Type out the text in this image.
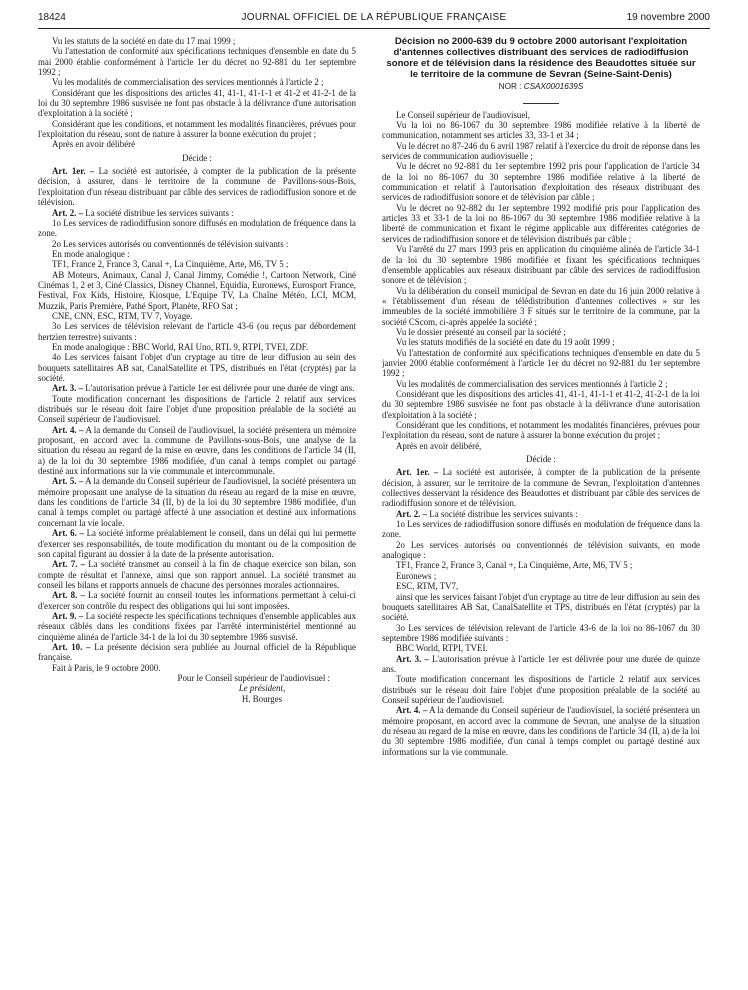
18424	JOURNAL OFFICIEL DE LA RÉPUBLIQUE FRANÇAISE	19 novembre 2000

Vu les statuts de la société en date du 17 mai 1999 ;

Vu l'attestation de conformité aux spécifications techniques d'ensemble en date du 5 mai 2000 établie conformément à l'article 1er du décret no 92-881 du 1er septembre 1992 ;

Vu les modalités de commercialisation des services mentionnés à l'article 2 ;

Considérant que les dispositions des articles 41, 41-1, 41-1-1 et 41-2 et 41-2-1 de la loi du 30 septembre 1986 susvisée ne font pas obstacle à la délivrance d'une autorisation d'exploitation à la société ;

Considérant que les conditions, et notamment les modalités financières, prévues pour l'exploitation du réseau, sont de nature à assurer la bonne exécution du projet ;

Après en avoir délibéré

Décide :

Art. 1er. – La société est autorisée, à compter de la publication de la présente décision, à assurer, dans le territoire de la commune de Pavillons-sous-Bois, l'exploitation d'un réseau distribuant par câble des services de radiodiffusion sonore et de télévision.

Art. 2. – La société distribue les services suivants :

1o Les services de radiodiffusion sonore diffusés en modulation de fréquence dans la zone.

2o Les services autorisés ou conventionnés de télévision suivants :

En mode analogique :

TF1, France 2, France 3, Canal +, La Cinquième, Arte, M6, TV 5 ;

AB Moteurs, Animaux, Canal J, Canal Jimmy, Comédie !, Cartoon Network, Ciné Cinémas 1, 2 et 3, Ciné Classics, Disney Channel, Equidia, Euronews, Eurosport France, Festival, Fox Kids, Histoire, Kiosque, L'Equipe TV, La Chaîne Météo, LCI, MCM, Muzzik, Paris Première, Pathé Sport, Planète, RFO Sat ;

CNE, CNN, ESC, RTM, TV 7, Voyage.

3o Les services de télévision relevant de l'article 43-6 (ou reçus par débordement hertzien terrestre) suivants :

En mode analogique : BBC World, RAI Uno, RTL 9, RTPI, TVEI, ZDF.

4o Les services faisant l'objet d'un cryptage au titre de leur diffusion au sein des bouquets satellitaires AB sat, CanalSatellite et TPS, distribués en l'état (cryptés) par la société.

Art. 3. – L'autorisation prévue à l'article 1er est délivrée pour une durée de vingt ans.

Toute modification concernant les dispositions de l'article 2 relatif aux services distribués sur le réseau doit faire l'objet d'une proposition préalable de la société au Conseil supérieur de l'audiovisuel.

Art. 4. – A la demande du Conseil de l'audiovisuel, la société présentera un mémoire proposant, en accord avec la commune de Pavillons-sous-Bois, une analyse de la situation du réseau au regard de la mise en œuvre, dans les conditions de l'article 34 (II, a) de la loi du 30 septembre 1986 modifiée, d'un canal à temps complet ou partagé destiné aux informations sur la vie communale et intercommunale.

Art. 5. – A la demande du Conseil supérieur de l'audiovisuel, la société présentera un mémoire proposant une analyse de la situation du réseau au regard de la mise en œuvre, dans les conditions de l'article 34 (II, b) de la loi du 30 septembre 1986 modifiée, d'un canal à temps complet ou partagé affecté à une association et destiné aux informations concernant la vie locale.

Art. 6. – La société informe préalablement le conseil, dans un délai qui lui permette d'exercer ses responsabilités, de toute modification du montant ou de la composition de son capital figurant au dossier à la date de la présente autorisation.

Art. 7. – La société transmet au conseil à la fin de chaque exercice son bilan, son compte de résultat et l'annexe, ainsi que son rapport annuel. La société transmet au conseil les bilans et rapports annuels de chacune des personnes morales actionnaires.

Art. 8. – La société fournit au conseil toutes les informations permettant à celui-ci d'exercer son contrôle du respect des obligations qui lui sont imposées.

Art. 9. – La société respecte les spécifications techniques d'ensemble applicables aux réseaux câblés dans les conditions fixées par l'arrêté interministériel mentionné au cinquième alinéa de l'article 34-1 de la loi du 30 septembre 1986 susvisé.

Art. 10. – La présente décision sera publiée au Journal officiel de la République française.

Fait à Paris, le 9 octobre 2000.

Pour le Conseil supérieur de l'audiovisuel :

Le président,

H. Bourges

Décision no 2000-639 du 9 octobre 2000 autorisant l'exploitation d'antennes collectives distribuant des services de radiodiffusion sonore et de télévision dans la résidence des Beaudottes située sur le territoire de la commune de Sevran (Seine-Saint-Denis)
NOR : CSAX0001639S

Le Conseil supérieur de l'audiovisuel,

Vu la loi no 86-1067 du 30 septembre 1986 modifiée relative à la liberté de communication, notamment ses articles 33, 33-1 et 34 ;

Vu le décret no 87-246 du 6 avril 1987 relatif à l'exercice du droit de réponse dans les services de communication audiovisuelle ;

Vu le décret no 92-881 du 1er septembre 1992 pris pour l'application de l'article 34 de la loi no 86-1067 du 30 septembre 1986 modifiée relative à la liberté de communication et relatif à l'autorisation d'exploitation des réseaux distribuant des services de radiodiffusion sonore et de télévision par câble ;

Vu le décret no 92-882 du 1er septembre 1992 modifié pris pour l'application des articles 33 et 33-1 de la loi no 86-1067 du 30 septembre 1986 modifiée relative à la liberté de communication et fixant le régime applicable aux différentes catégories de services de radiodiffusion sonore et de télévision distribués par câble ;

Vu l'arrêté du 27 mars 1993 pris en application du cinquième alinéa de l'article 34-1 de la loi du 30 septembre 1986 modifiée et fixant les spécifications techniques d'ensemble applicables aux réseaux distribuant par câble des services de radiodiffusion sonore et de télévision ;

Vu la délibération du conseil municipal de Sevran en date du 16 juin 2000 relative à « l'établissement d'un réseau de télédistribution d'antennes collectives » sur les immeubles de la société immobilière 3 F situés sur le territoire de la commune, par la société CScom, ci-après appelée la société ;

Vu le dossier présenté au conseil par la société ;

Vu les statuts modifiés de la société en date du 19 août 1999 ;

Vu l'attestation de conformité aux spécifications techniques d'ensemble en date du 5 janvier 2000 établie conformément à l'article 1er du décret no 92-881 du 1er septembre 1992 ;

Vu les modalités de commercialisation des services mentionnés à l'article 2 ;

Considérant que les dispositions des articles 41, 41-1, 41-1-1 et 41-2, 41-2-1 de la loi du 30 septembre 1986 susvisée ne font pas obstacle à la délivrance d'une autorisation d'exploitation à la société ;

Considérant que les conditions, et notamment les modalités financières, prévues pour l'exploitation du réseau, sont de nature à assurer la bonne exécution du projet ;

Après en avoir délibéré,

Décide :

Art. 1er. – La société est autorisée, à compter de la publication de la présente décision, à assurer, sur le territoire de la commune de Sevran, l'exploitation d'antennes collectives desservant la résidence des Beaudottes et distribuant par câble des services de radiodiffusion sonore et de télévision.

Art. 2. – La société distribue les services suivants :

1o Les services de radiodiffusion sonore diffusés en modulation de fréquence dans la zone.

2o Les services autorisés ou conventionnés de télévision suivants, en mode analogique :

TF1, France 2, France 3, Canal +, La Cinquième, Arte, M6, TV 5 ;

Euronews ;

ESC, RTM, TV7,

ainsi que les services faisant l'objet d'un cryptage au titre de leur diffusion au sein des bouquets satellitaires AB Sat, CanalSatellite et TPS, distribués en l'état (cryptés) par la société.

3o Les services de télévision relevant de l'article 43-6 de la loi no 86-1067 du 30 septembre 1986 modifiée suivants :

BBC World, RTPI, TVEI.

Art. 3. – L'autorisation prévue à l'article 1er est délivrée pour une durée de quinze ans.

Toute modification concernant les dispositions de l'article 2 relatif aux services distribués sur le réseau doit faire l'objet d'une proposition préalable de la société au Conseil supérieur de l'audiovisuel.

Art. 4. – A la demande du Conseil supérieur de l'audiovisuel, la société présentera un mémoire proposant, en accord avec la commune de Sevran, une analyse de la situation du réseau au regard de la mise en œuvre, dans les conditions de l'article 34 (II, a) de la loi du 30 septembre 1986 modifiée, d'un canal à temps complet ou partagé destiné aux informations sur la vie communale.
